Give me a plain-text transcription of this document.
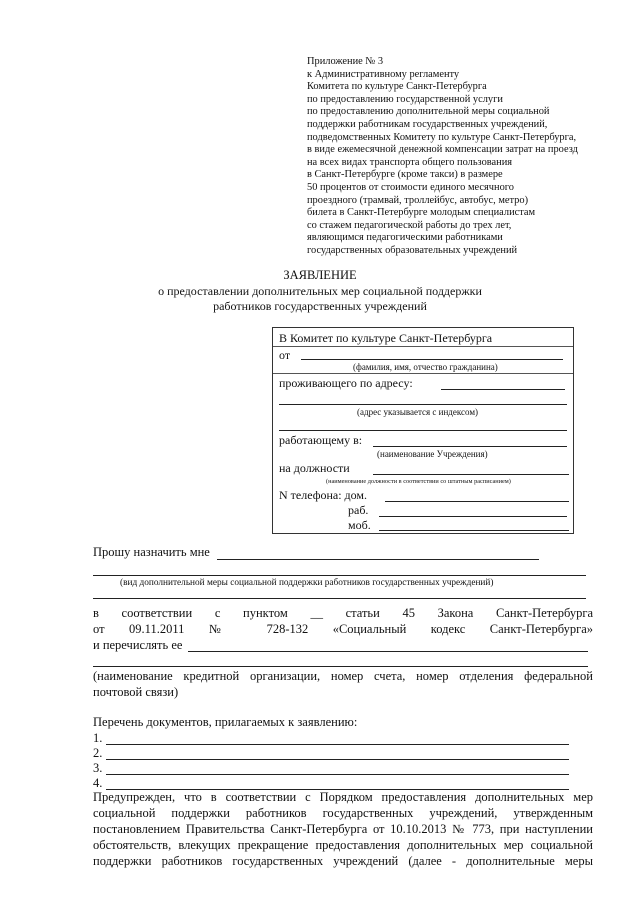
Приложение № 3
к Административному регламенту
Комитета по культуре Санкт-Петербурга
по предоставлению государственной услуги
по предоставлению дополнительной меры социальной
поддержки работникам государственных учреждений,
подведомственных Комитету по культуре Санкт-Петербурга,
в виде ежемесячной денежной компенсации затрат на проезд
на всех видах транспорта общего пользования
в Санкт-Петербурге (кроме такси) в размере
50 процентов от стоимости единого месячного
проездного (трамвай, троллейбус, автобус, метро)
билета в Санкт-Петербурге молодым специалистам
со стажем педагогической работы до трех лет,
являющимся педагогическими работниками
государственных образовательных учреждений
ЗАЯВЛЕНИЕ
о предоставлении дополнительных мер социальной поддержки
работников государственных учреждений
В Комитет по культуре Санкт-Петербурга
от
(фамилия, имя, отчество гражданина)
проживающего по адресу:
(адрес указывается с индексом)
работающему в:
(наименование Учреждения)
на должности
(наименование должности в соответствии со штатным расписанием)
N телефона: дом.
раб.
моб.
Прошу назначить мне
(вид дополнительной меры социальной поддержки работников государственных учреждений)
в соответствии с пунктом __ статьи 45 Закона Санкт-Петербурга
от 09.11.2011 № 728-132 «Социальный кодекс Санкт-Петербурга»
и перечислять ее
(наименование кредитной организации, номер счета, номер отделения федеральной
почтовой связи)
Перечень документов, прилагаемых к заявлению:
1.
2.
3.
4.
Предупрежден, что в соответствии с Порядком предоставления дополнительных мер
социальной поддержки работников государственных учреждений, утвержденным
постановлением Правительства Санкт-Петербурга от 10.10.2013 № 773, при наступлении
обстоятельств, влекущих прекращение предоставления дополнительных мер социальной
поддержки работников государственных учреждений (далее - дополнительные меры
